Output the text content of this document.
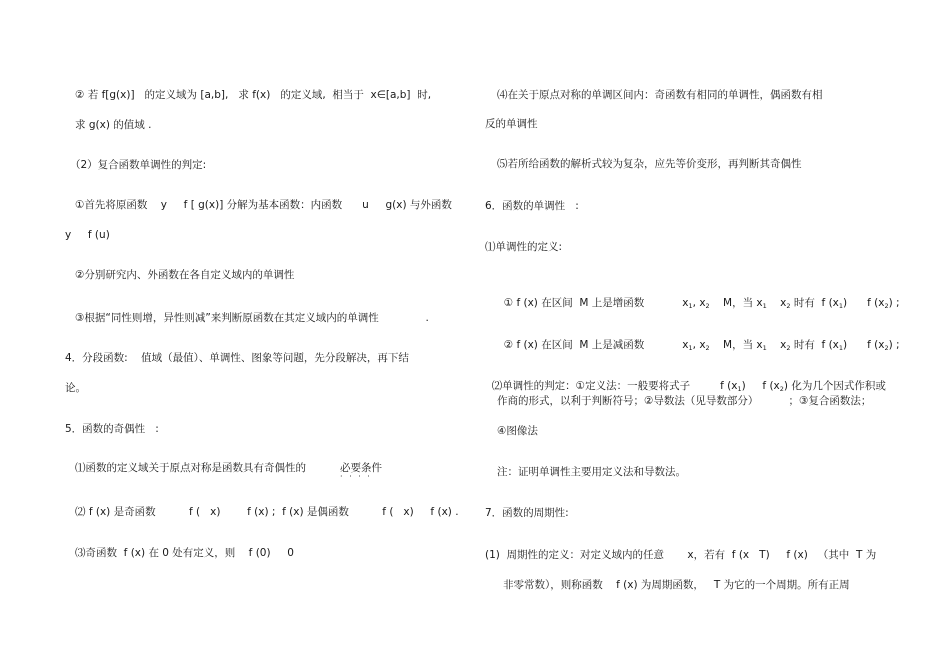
② 若 f[g(x)]   的定义域为 [a,b],   求 f(x)   的定义域,  相当于  x∈[a,b]  时,
求 g(x) 的值域 .
（2）复合函数单调性的判定:
①首先将原函数    y     f [ g(x)] 分解为基本函数：内函数      u     g(x) 与外函数
y     f (u)
②分别研究内、外函数在各自定义域内的单调性
③根据“同性则增，异性则减”来判断原函数在其定义域内的单调性              .
4．分段函数:    值域（最值）、单调性、图象等问题，先分段解决，再下结
论。
5．函数的奇偶性   :
⑴函数的定义域关于原点对称是函数具有奇偶性的	必要条件
· · · ·
⑵ f (x) 是奇函数          f (   x)        f (x) ;  f (x) 是偶函数          f (   x)     f (x) .
⑶奇函数  f (x) 在 0 处有定义，则    f (0)     0
⑷在关于原点对称的单调区间内：奇函数有相同的单调性，偶函数有相
反的单调性
⑸若所给函数的解析式较为复杂，应先等价变形，再判断其奇偶性
6．函数的单调性   :
⑴单调性的定义:

① f (x) 在区间  M 上是增函数	$x_1$, $x_2$    M，当 $x_1$    $x_2$ 时有  f $(x_1)$      f $(x_2)$ ;

② f (x) 在区间  M 上是减函数	$x_1$, $x_2$    M，当 $x_1$    $x_2$ 时有  f $(x_1)$      f $(x_2)$ ;

⑵单调性的判定：①定义法：一般要将式子         f $(x_1)$     f $(x_2)$ 化为几个因式作积或

作商的形式，以利于判断符号；②导数法（见导数部分）         ；③复合函数法；
④图像法
注：证明单调性主要用定义法和导数法。
7．函数的周期性:
(1)  周期性的定义：对定义域内的任意       x，若有  f (x   T)     f (x)   （其中  T 为
非零常数），则称函数    f (x) 为周期函数，   T 为它的一个周期。所有正周
